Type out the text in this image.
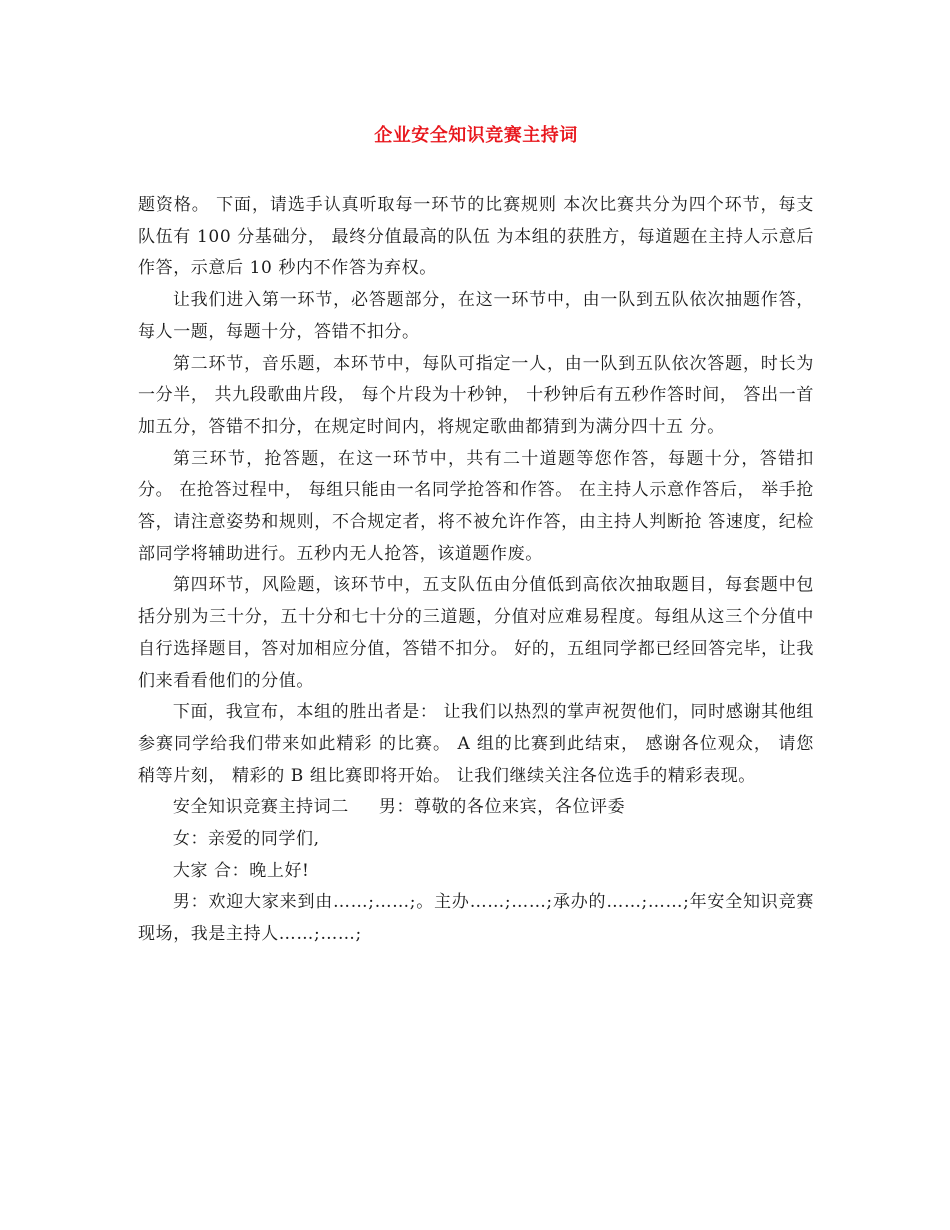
企业安全知识竞赛主持词

题资格。 下面，请选手认真听取每一环节的比赛规则 本次比赛共分为四个环节，每支队伍有 100 分基础分， 最终分值最高的队伍 为本组的获胜方，每道题在主持人示意后作答，示意后 10 秒内不作答为弃权。

让我们进入第一环节，必答题部分，在这一环节中，由一队到五队依次抽题作答，每人一题，每题十分，答错不扣分。

第二环节，音乐题，本环节中，每队可指定一人，由一队到五队依次答题，时长为一分半， 共九段歌曲片段， 每个片段为十秒钟， 十秒钟后有五秒作答时间， 答出一首加五分，答错不扣分，在规定时间内，将规定歌曲都猜到为满分四十五 分。

第三环节，抢答题，在这一环节中，共有二十道题等您作答，每题十分，答错扣分。 在抢答过程中， 每组只能由一名同学抢答和作答。 在主持人示意作答后， 举手抢答，请注意姿势和规则，不合规定者，将不被允许作答，由主持人判断抢 答速度，纪检部同学将辅助进行。五秒内无人抢答，该道题作废。

第四环节，风险题，该环节中，五支队伍由分值低到高依次抽取题目，每套题中包括分别为三十分，五十分和七十分的三道题，分值对应难易程度。每组从这三个分值中自行选择题目，答对加相应分值，答错不扣分。 好的，五组同学都已经回答完毕，让我们来看看他们的分值。

下面，我宣布，本组的胜出者是： 让我们以热烈的掌声祝贺他们，同时感谢其他组参赛同学给我们带来如此精彩 的比赛。 A 组的比赛到此结束， 感谢各位观众， 请您稍等片刻， 精彩的 B 组比赛即将开始。 让我们继续关注各位选手的精彩表现。

安全知识竞赛主持词二 男：尊敬的各位来宾，各位评委

女：亲爱的同学们,

大家 合：晚上好!

男：欢迎大家来到由……;……;。主办……;……;承办的……;……;年安全知识竞赛现场，我是主持人……;……;
